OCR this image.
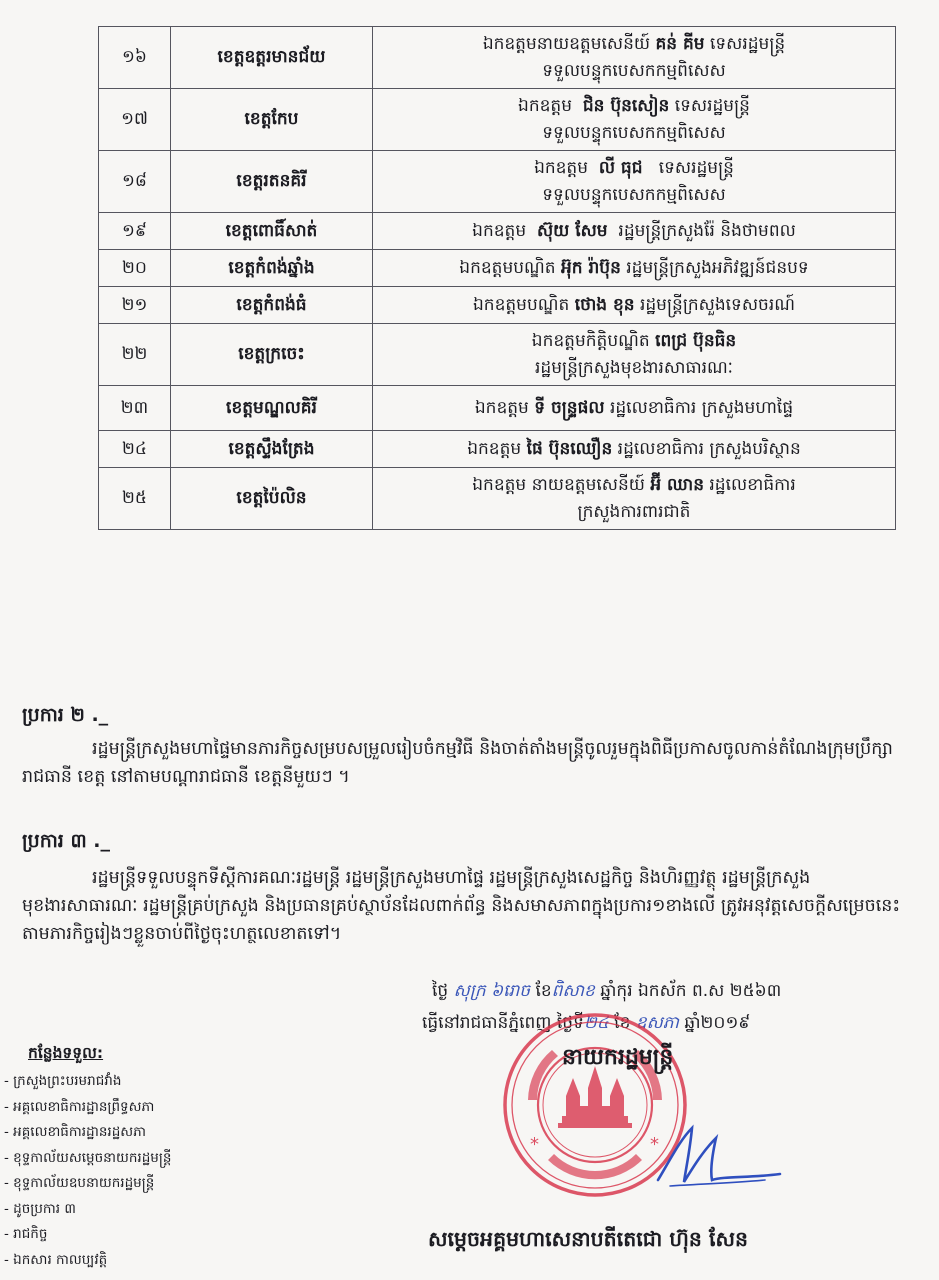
១៦	ខេត្តឧត្តរមានជ័យ	ឯកឧត្តមនាយឧត្តមសេនីយ៍ គន់ គីម ទេសរដ្ឋមន្ត្រី
ទទួលបន្ទុកបេសកកម្មពិសេស

១៧	ខេត្តកែប	ឯកឧត្តម  ជិន ប៊ុនសៀន ទេសរដ្ឋមន្ត្រី
ទទួលបន្ទុកបេសកកម្មពិសេស

១៨	ខេត្តរតនគិរី	ឯកឧត្តម  លី ធុជ   ទេសរដ្ឋមន្ត្រី
ទទួលបន្ទុកបេសកកម្មពិសេស

១៩	ខេត្តពោធិ៍សាត់	ឯកឧត្តម  ស៊ុយ សែម  រដ្ឋមន្ត្រីក្រសួងរ៉ែ និងថាមពល

២០	ខេត្តកំពង់ឆ្នាំង	ឯកឧត្តមបណ្ឌិត អ៊ុក រ៉ាប៊ុន រដ្ឋមន្ត្រីក្រសួងអភិវឌ្ឍន៍ជនបទ

២១	ខេត្តកំពង់ធំ	ឯកឧត្តមបណ្ឌិត ថោង ខុន រដ្ឋមន្ត្រីក្រសួងទេសចរណ៍

២២	ខេត្តក្រចេះ	ឯកឧត្តមកិត្តិបណ្ឌិត ពេជ្រ ប៊ុនធិន
រដ្ឋមន្ត្រីក្រសួងមុខងារសាធារណៈ

២៣	ខេត្តមណ្ឌលគិរី	ឯកឧត្តម ទី ចន្ទ្រផល រដ្ឋលេខាធិការ ក្រសួងមហាផ្ទៃ

២៤	ខេត្តស្ទឹងត្រែង	ឯកឧត្តម ផៃ ប៊ុនឈឿន រដ្ឋលេខាធិការ ក្រសួងបរិស្ថាន

២៥	ខេត្តប៉ៃលិន	ឯកឧត្តម នាយឧត្តមសេនីយ៍ អ៊ី ឈាន រដ្ឋលេខាធិការ
ក្រសួងការពារជាតិ
ប្រការ ២ ._
រដ្ឋមន្ត្រីក្រសួងមហាផ្ទៃមានភារកិច្ចសម្របសម្រួលរៀបចំកម្មវិធី និងចាត់តាំងមន្ត្រីចូលរួមក្នុងពិធីប្រកាសចូលកាន់តំណែងក្រុមប្រឹក្សារាជធានី ខេត្ត នៅតាមបណ្តារាជធានី ខេត្តនីមួយៗ ។
ប្រការ ៣ ._
រដ្ឋមន្ត្រីទទួលបន្ទុកទីស្តីការគណៈរដ្ឋមន្ត្រី រដ្ឋមន្ត្រីក្រសួងមហាផ្ទៃ រដ្ឋមន្ត្រីក្រសួងសេដ្ឋកិច្ច និងហិរញ្ញវត្ថុ រដ្ឋមន្ត្រីក្រសួងមុខងារសាធារណៈ រដ្ឋមន្ត្រីគ្រប់ក្រសួង និងប្រធានគ្រប់ស្ថាប័នដែលពាក់ព័ន្ធ និងសមាសភាពក្នុងប្រការ១ខាងលើ ត្រូវអនុវត្តសេចក្តីសម្រេចនេះតាមភារកិច្ចរៀងៗខ្លួនចាប់ពីថ្ងៃចុះហត្ថលេខាតទៅ។
ថ្ងៃ សុក្រ ៦រោច ខែពិសាខ ឆ្នាំកុរ ឯកស័ក ព.ស ២៥៦៣
ធ្វើនៅរាជធានីភ្នំពេញ ថ្ងៃទី២៤ ខែ ឧសភា ឆ្នាំ២០១៩
កន្លែងទទួល:
- ក្រសួងព្រះបរមរាជវាំង
- អគ្គលេខាធិការដ្ឋានព្រឹទ្ធសភា
- អគ្គលេខាធិការដ្ឋានរដ្ឋសភា
- ខុទ្ទកាល័យសម្តេចនាយករដ្ឋមន្ត្រី
- ខុទ្ទកាល័យឧបនាយករដ្ឋមន្ត្រី
- ដូចប្រការ ៣
- រាជកិច្ច
- ឯកសារ កាលប្បវត្តិ
*	*
នាយករដ្ឋមន្ត្រី
សម្តេចអគ្គមហាសេនាបតីតេជោ ហ៊ុន សែន
